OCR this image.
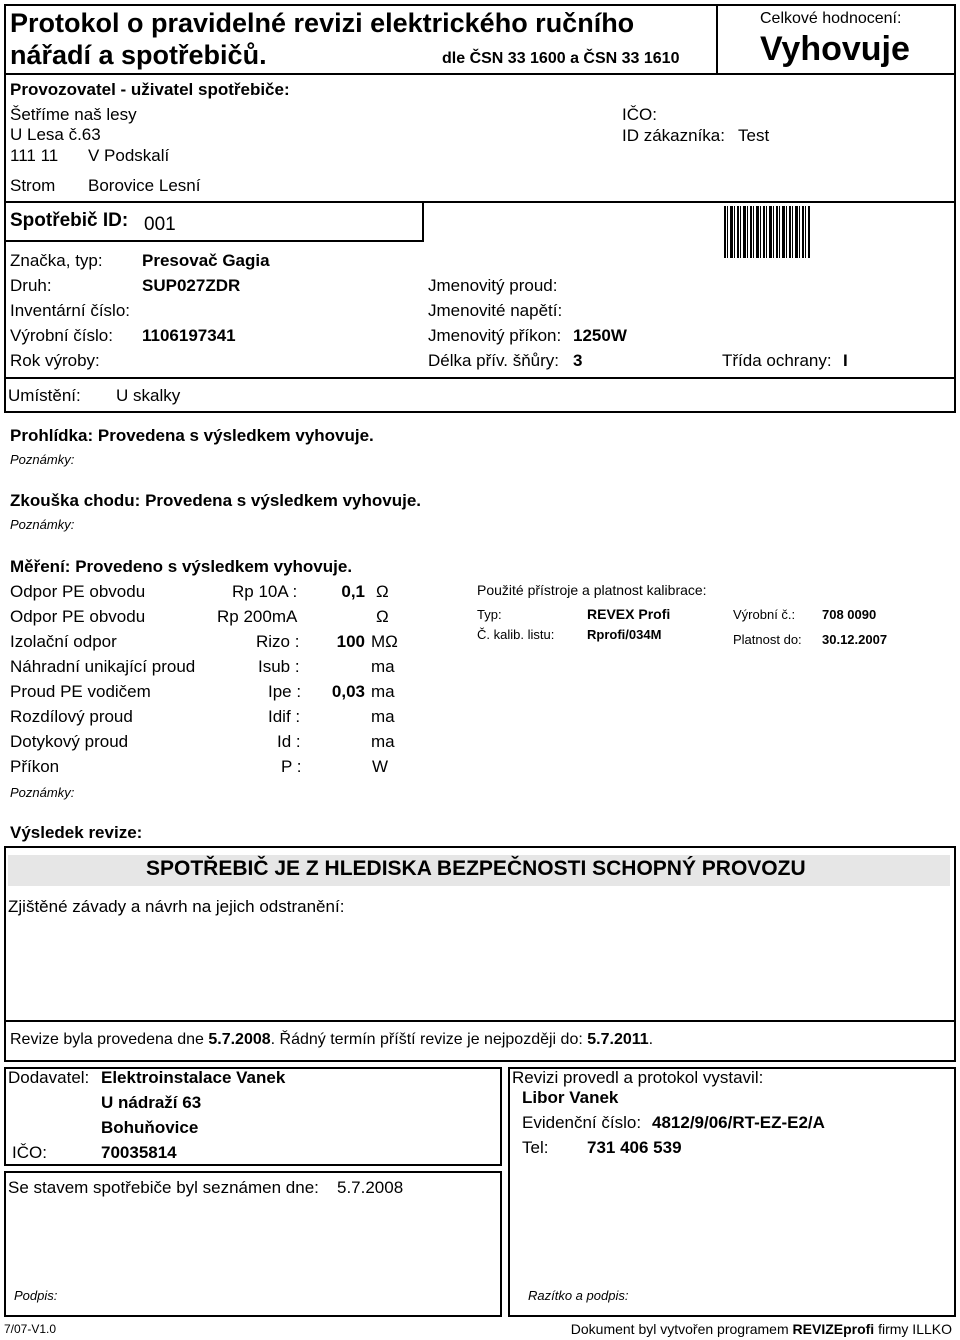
Protokol o pravidelné revizi elektrického ručního
nářadí a spotřebičů.	dle ČSN 33 1600 a ČSN 33 1610
Celkové hodnocení:
Vyhovuje
Provozovatel - uživatel spotřebiče:
Šetříme naš lesy
U Lesa č.63
111 11 V Podskalí
IČO:
ID zákazníka: Test
Strom Borovice Lesní
Spotřebič ID: 001
Značka, typ: Presovač Gagia
Druh:	SUP027ZDR
Inventární číslo:
Výrobní číslo: 1106197341
Rok výroby:
Jmenovitý proud:
Jmenovité napětí:
Jmenovitý příkon: 1250W
Délka přív. šňůry: 3	Třída ochrany: I
Umístění: U skalky
Prohlídka: Provedena s výsledkem vyhovuje.
Poznámky:
Zkouška chodu: Provedena s výsledkem vyhovuje.
Poznámky:
Měření: Provedeno s výsledkem vyhovuje.
Odpor PE obvodu	Rp 10A :	0,1 Ω
Odpor PE obvodu	Rp 200mA	Ω
Izolační odpor	Rizo : 100 MΩ
Náhradní unikající proud	Isub :	ma
Proud PE vodičem	Ipe : 0,03 ma
Rozdílový proud	Idif :	ma
Dotykový proud	Id :	ma
Příkon	P :	W
Poznámky:
Použité přístroje a platnost kalibrace:
Typ:	REVEX Profi	Výrobní č.: 708 0090
Č. kalib. listu:	Rprofi/034M	Platnost do: 30.12.2007
Výsledek revize:
SPOTŘEBIČ JE Z HLEDISKA BEZPEČNOSTI SCHOPNÝ PROVOZU
Zjištěné závady a návrh na jejich odstranění:
Revize byla provedena dne 5.7.2008. Řádný termín příští revize je nejpozději do: 5.7.2011.
Dodavatel: Elektroinstalace Vanek
U nádraží 63
Bohuňovice
IČO:	70035814
Se stavem spotřebiče byl seznámen dne: 5.7.2008
Podpis:
Revizi provedl a protokol vystavil:
Libor Vanek
Evidenční číslo: 4812/9/06/RT-EZ-E2/A
Tel: 731 406 539
Razítko a podpis:
7/07-V1.0	Dokument byl vytvořen programem REVIZEprofi firmy ILLKO
